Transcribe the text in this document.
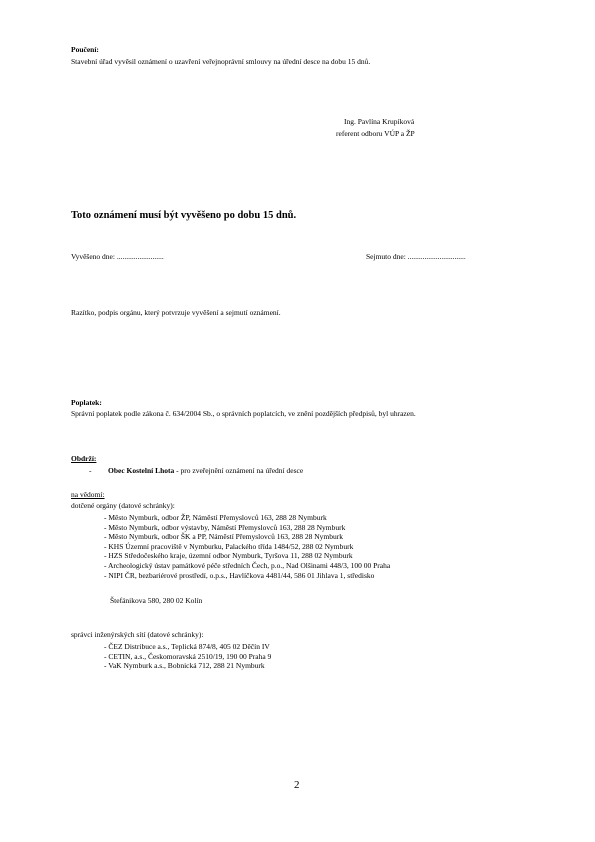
Poučení:
Stavební úřad vyvěsil oznámení o uzavření veřejnoprávní smlouvy na úřední desce na dobu 15 dnů.
Ing. Pavlína Krupíková
referent odboru VÚP a ŽP
Toto oznámení musí být vyvěšeno po dobu 15 dnů.
Vyvěšeno dne: .........................	Sejmuto dne: ...............................
Razítko, podpis orgánu, který potvrzuje vyvěšení a sejmutí oznámení.
Poplatek:
Správní poplatek podle zákona č. 634/2004 Sb., o správních poplatcích, ve znění pozdějších předpisů, byl uhrazen.
Obdrží:
- Obec Kostelní Lhota - pro zveřejnění oznámení na úřední desce
na vědomí:
dotčené orgány (datové schránky):
- Město Nymburk, odbor ŽP, Náměstí Přemyslovců 163, 288 28 Nymburk
- Město Nymburk, odbor výstavby, Náměstí Přemyslovců 163, 288 28 Nymburk
- Město Nymburk, odbor ŠK a PP, Náměstí Přemyslovců 163, 288 28 Nymburk
- KHS Územní pracoviště v Nymburku, Palackého třída 1484/52, 288 02 Nymburk
- HZS Středočeského kraje, územní odbor Nymburk, Tyršova 11, 288 02 Nymburk
- Archeologický ústav památkové péče středních Čech, p.o., Nad Olšinami 448/3, 100 00 Praha
- NIPI ČR, bezbariérové prostředí, o.p.s., Havlíčkova 4481/44, 586 01 Jihlava 1, středisko
Štefánikova 580, 280 02 Kolín
správci inženýrských sítí (datové schránky):
- ČEZ Distribuce a.s., Teplická 874/8, 405 02 Děčín IV
- CETIN, a.s., Českomoravská 2510/19, 190 00 Praha 9
- VaK Nymburk a.s., Bobnická 712, 288 21 Nymburk
2
